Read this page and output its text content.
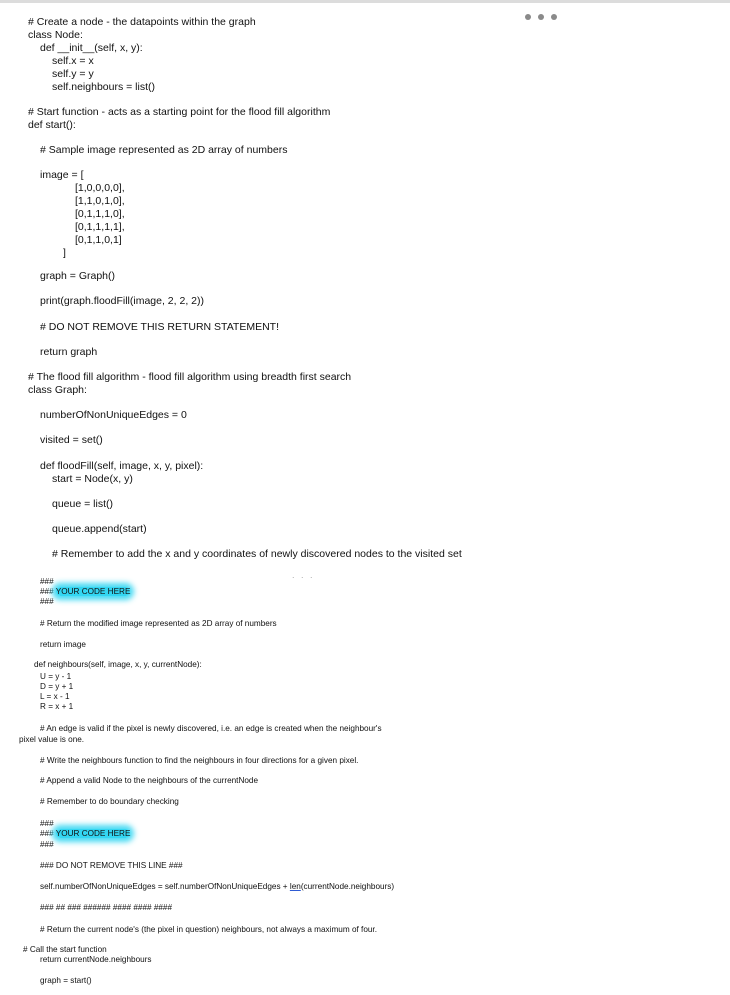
. . .
# Create a node - the datapoints within the graph
class Node:
def __init__(self, x, y):
self.x = x
self.y = y
self.neighbours = list()
# Start function - acts as a starting point for the flood fill algorithm
def start():
# Sample image represented as 2D array of numbers
image = [
[1,0,0,0,0],
[1,1,0,1,0],
[0,1,1,1,0],
[0,1,1,1,1],
[0,1,1,0,1]
]
graph = Graph()
print(graph.floodFill(image, 2, 2, 2))
# DO NOT REMOVE THIS RETURN STATEMENT!
return graph
# The flood fill algorithm - flood fill algorithm using breadth first search
class Graph:
numberOfNonUniqueEdges = 0
visited = set()
def floodFill(self, image, x, y, pixel):
start = Node(x, y)
queue = list()
queue.append(start)
# Remember to add the x and y coordinates of newly discovered nodes to the visited set
###
### YOUR CODE HERE
###
# Return the modified image represented as 2D array of numbers
return image
def neighbours(self, image, x, y, currentNode):
U = y - 1
D = y + 1
L = x - 1
R = x + 1
# An edge is valid if the pixel is newly discovered, i.e. an edge is created when the neighbour's
pixel value is one.
# Write the neighbours function to find the neighbours in four directions for a given pixel.
# Append a valid Node to the neighbours of the currentNode
# Remember to do boundary checking
###
### YOUR CODE HERE
###
### DO NOT REMOVE THIS LINE ###
self.numberOfNonUniqueEdges = self.numberOfNonUniqueEdges + len(currentNode.neighbours)
### ## ### ###### #### #### ####
# Return the current node's (the pixel in question) neighbours, not always a maximum of four.
# Call the start function
return currentNode.neighbours
graph = start()
